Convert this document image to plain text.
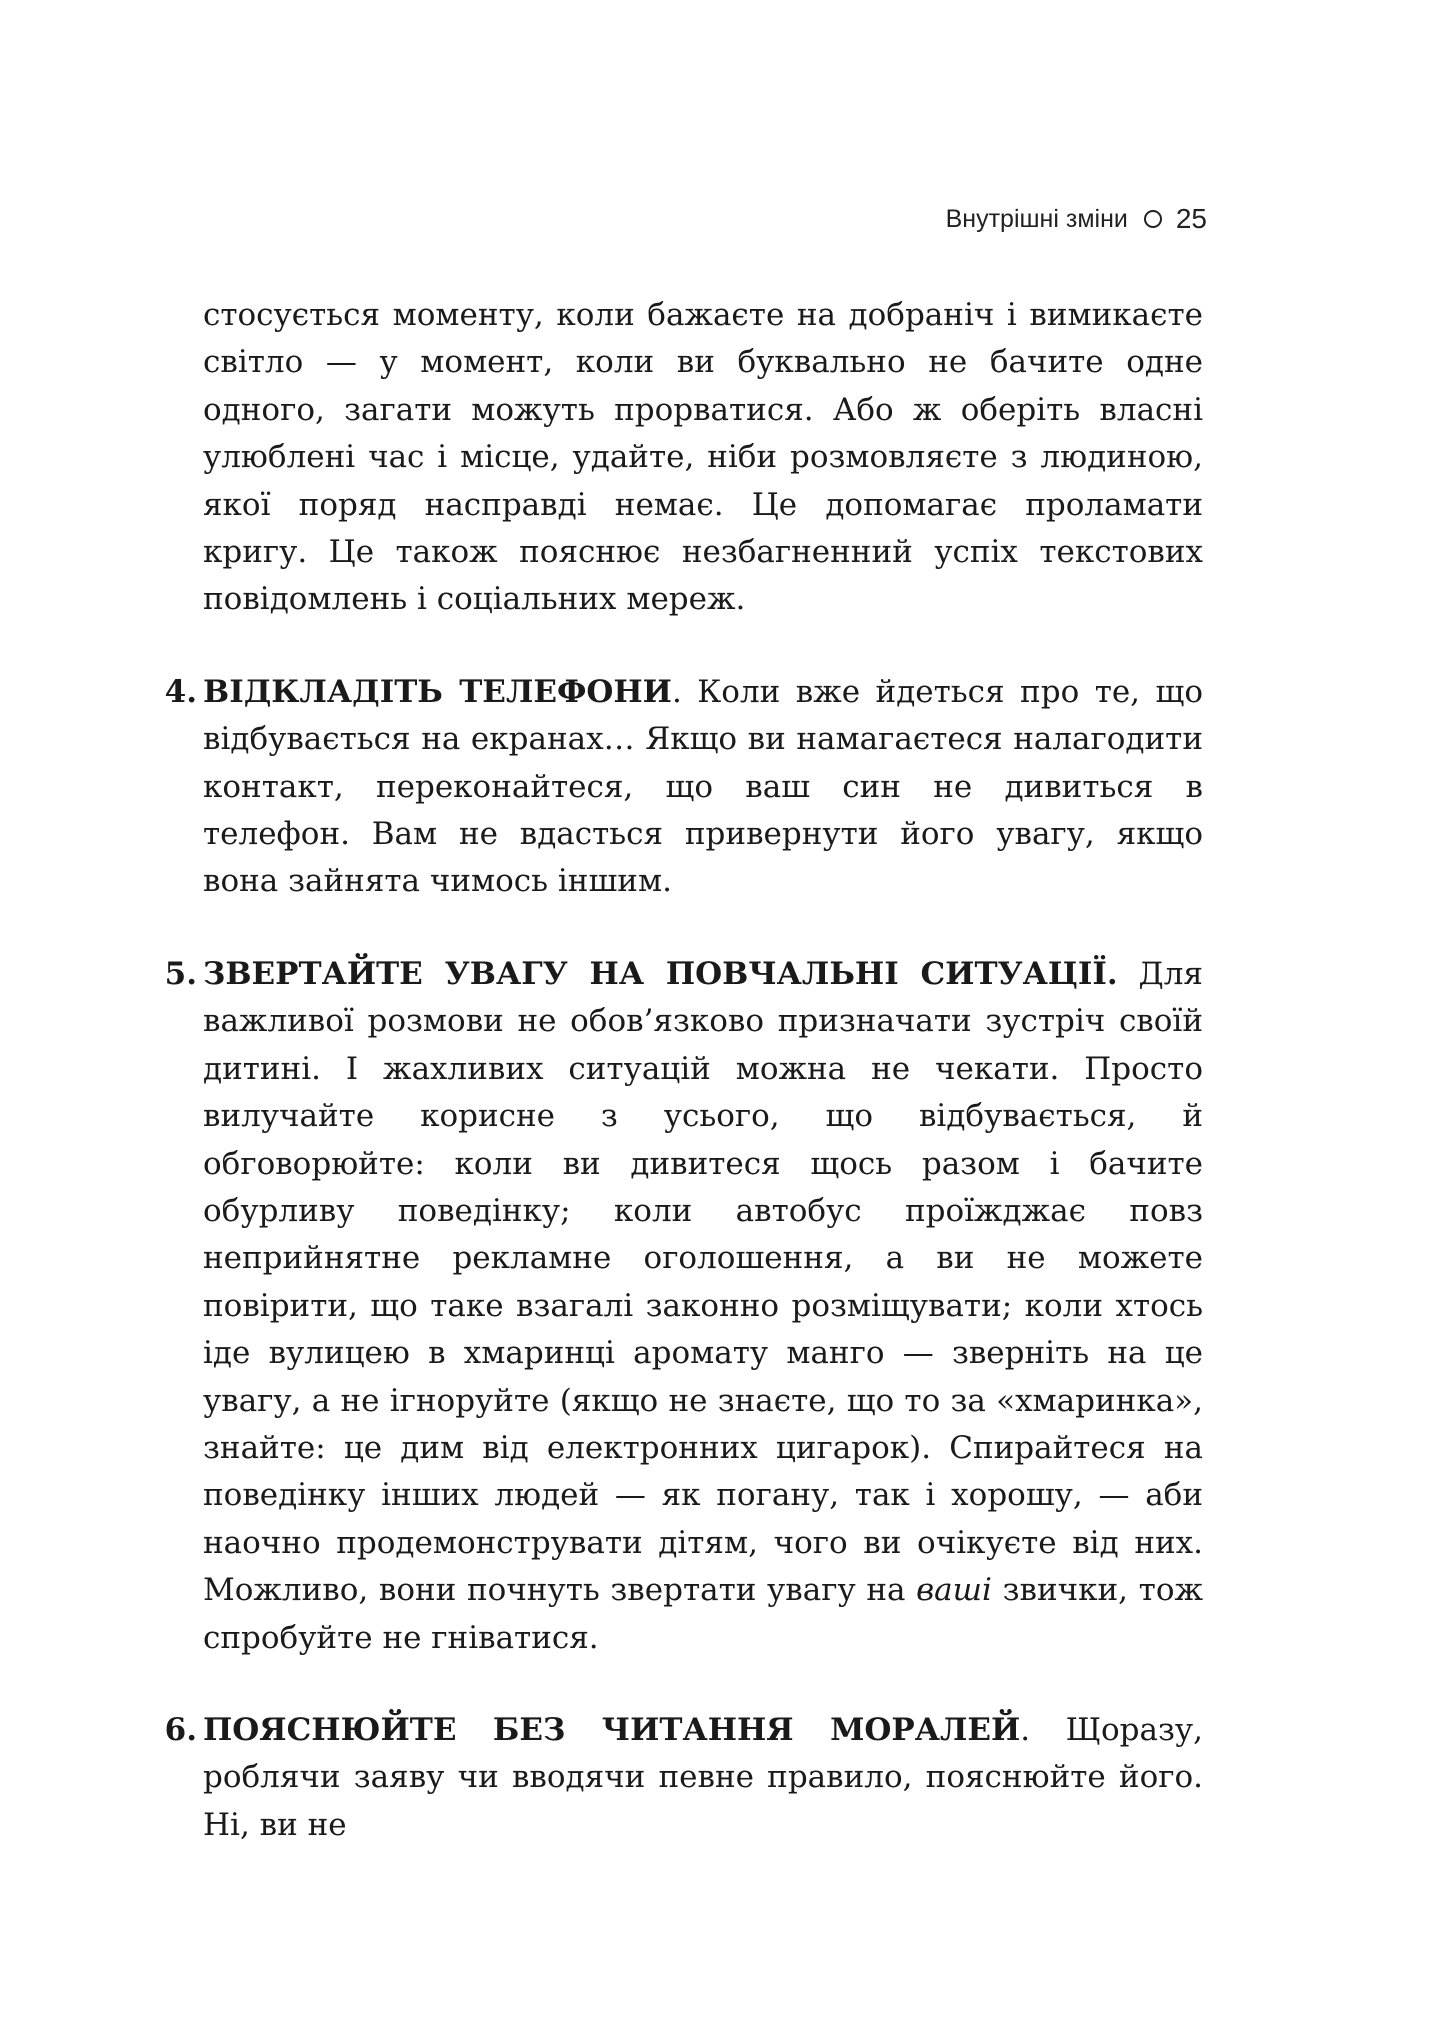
Внутрішні зміни 25

стосується моменту, коли бажаєте на добраніч і вимикаєте світло — у момент, коли ви буквально не бачите одне одного, загати можуть прорватися. Або ж оберіть власні улюблені час і місце, удайте, ніби розмовляєте з людиною, якої поряд насправді немає. Це допомагає проламати кригу. Це також пояснює незбагненний успіх текстових повідомлень і соціальних мереж.

4. ВІДКЛАДІТЬ ТЕЛЕФОНИ. Коли вже йдеться про те, що відбувається на екранах… Якщо ви намагаєтеся налагодити контакт, переконайтеся, що ваш син не дивиться в телефон. Вам не вдасться привернути його увагу, якщо вона зайнята чимось іншим.
5. ЗВЕРТАЙТЕ УВАГУ НА ПОВЧАЛЬНІ СИТУАЦІЇ. Для важливої розмови не обов’язково призначати зустріч своїй дитині. І жахливих ситуацій можна не чекати. Просто вилучайте корисне з усього, що відбувається, й обговорюйте: коли ви дивитеся щось разом і бачите обурливу поведінку; коли автобус проїжджає повз неприйнятне рекламне оголошення, а ви не можете повірити, що таке взагалі законно розміщувати; коли хтось іде вулицею в хмаринці аромату манго — зверніть на це увагу, а не ігноруйте (якщо не знаєте, що то за «хмаринка», знайте: це дим від електронних цигарок). Спирайтеся на поведінку інших людей — як погану, так і хорошу, — аби наочно продемонструвати дітям, чого ви очікуєте від них. Можливо, вони почнуть звертати увагу на ваші звички, тож спробуйте не гніватися.
6. ПОЯСНЮЙТЕ БЕЗ ЧИТАННЯ МОРАЛЕЙ. Щоразу, роблячи заяву чи вводячи певне правило, пояснюйте його. Ні, ви не
